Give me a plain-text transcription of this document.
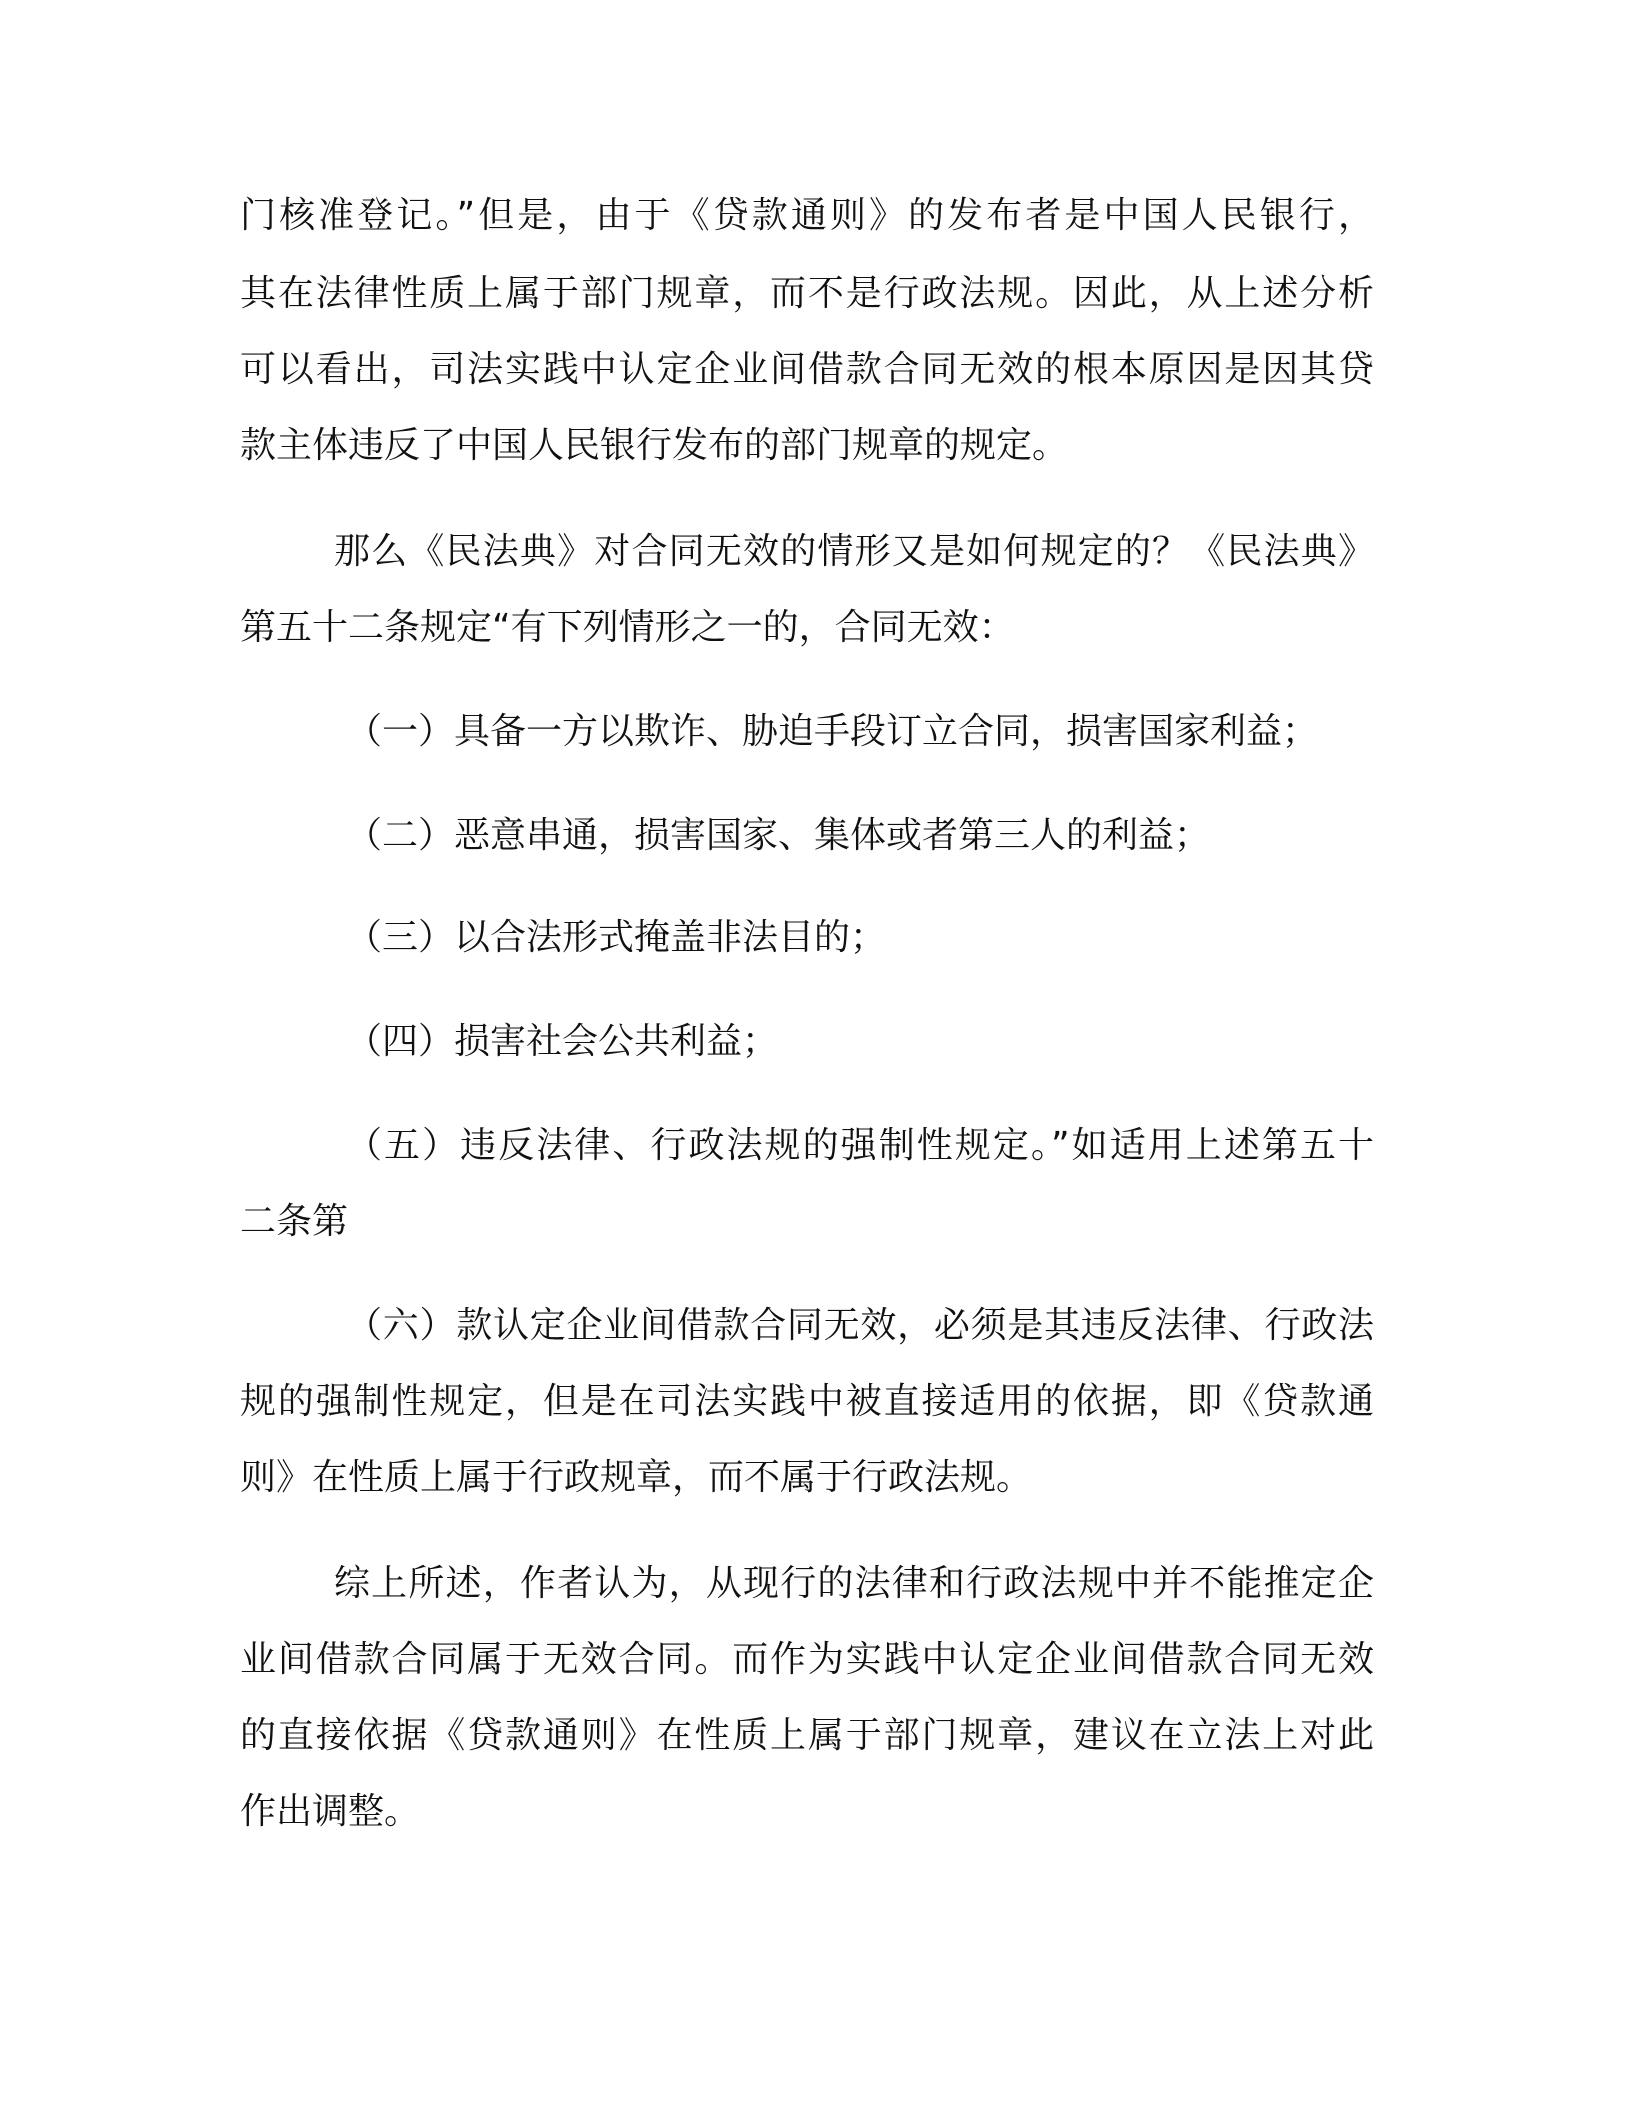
门核准登记。”但是，由于《贷款通则》的发布者是中国人民银行，

其在法律性质上属于部门规章，而不是行政法规。因此，从上述分析

可以看出，司法实践中认定企业间借款合同无效的根本原因是因其贷

款主体违反了中国人民银行发布的部门规章的规定。

那么《民法典》对合同无效的情形又是如何规定的？《民法典》

第五十二条规定“有下列情形之一的，合同无效：

（一）具备一方以欺诈、胁迫手段订立合同，损害国家利益；

（二）恶意串通，损害国家、集体或者第三人的利益；

（三）以合法形式掩盖非法目的；

（四）损害社会公共利益；

（五）违反法律、行政法规的强制性规定。”如适用上述第五十

二条第

（六）款认定企业间借款合同无效，必须是其违反法律、行政法

规的强制性规定，但是在司法实践中被直接适用的依据，即《贷款通

则》在性质上属于行政规章，而不属于行政法规。

综上所述，作者认为，从现行的法律和行政法规中并不能推定企

业间借款合同属于无效合同。而作为实践中认定企业间借款合同无效

的直接依据《贷款通则》在性质上属于部门规章，建议在立法上对此

作出调整。
